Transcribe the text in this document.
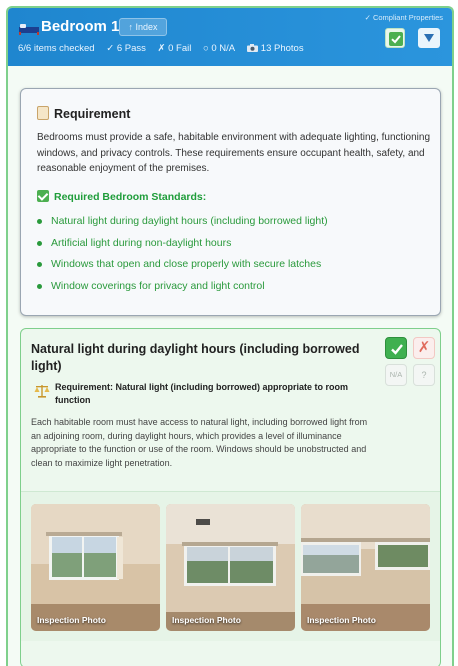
Bedroom 1	↑ Index
✓ Compliant Properties
6/6 items checked ✓ 6 Pass ✗ 0 Fail ○ 0 N/A	13 Photos
Requirement
Bedrooms must provide a safe, habitable environment with adequate lighting, functioning windows, and privacy controls. These requirements ensure occupant health, safety, and reasonable enjoyment of the premises.
Required Bedroom Standards:
Natural light during daylight hours (including borrowed light)
Artificial light during non-daylight hours
Windows that open and close properly with secure latches
Window coverings for privacy and light control
Natural light during daylight hours (including borrowed light)
✗
N/A	?
Requirement: Natural light (including borrowed) appropriate to room function
Each habitable room must have access to natural light, including borrowed light from an adjoining room, during daylight hours, which provides a level of illuminance appropriate to the function or use of the room. Windows should be unobstructed and clean to maximize light penetration.
Inspection Photo	Inspection Photo	Inspection Photo
